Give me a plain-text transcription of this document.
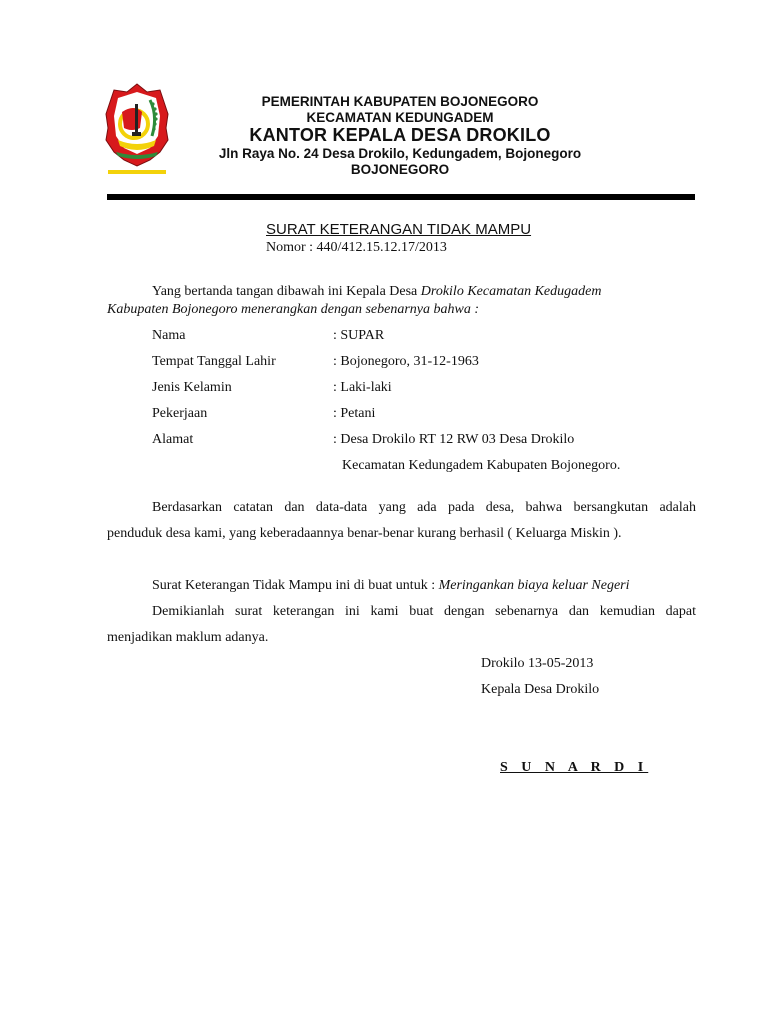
PEMERINTAH KABUPATEN BOJONEGORO
KECAMATAN KEDUNGADEM
KANTOR KEPALA DESA DROKILO
Jln Raya No. 24 Desa Drokilo, Kedungadem, Bojonegoro
BOJONEGORO
SURAT KETERANGAN TIDAK MAMPU
Nomor : 440/412.15.12.17/2013
Yang bertanda tangan dibawah ini Kepala Desa Drokilo Kecamatan Kedugadem
Kabupaten Bojonegoro menerangkan dengan sebenarnya bahwa :
Nama	: SUPAR
Tempat Tanggal Lahir	: Bojonegoro, 31-12-1963
Jenis Kelamin	: Laki-laki
Pekerjaan	: Petani
Alamat	: Desa Drokilo RT 12 RW 03 Desa Drokilo
Kecamatan Kedungadem Kabupaten Bojonegoro.
Berdasarkan catatan dan data-data yang ada pada desa, bahwa bersangkutan adalah
penduduk desa kami, yang keberadaannya benar-benar kurang berhasil ( Keluarga Miskin ).
Surat Keterangan Tidak Mampu ini di buat untuk : Meringankan biaya keluar Negeri
Demikianlah surat keterangan ini kami buat dengan sebenarnya dan kemudian dapat
menjadikan maklum adanya.
Drokilo 13-05-2013
Kepala Desa Drokilo
S U N A R D I
